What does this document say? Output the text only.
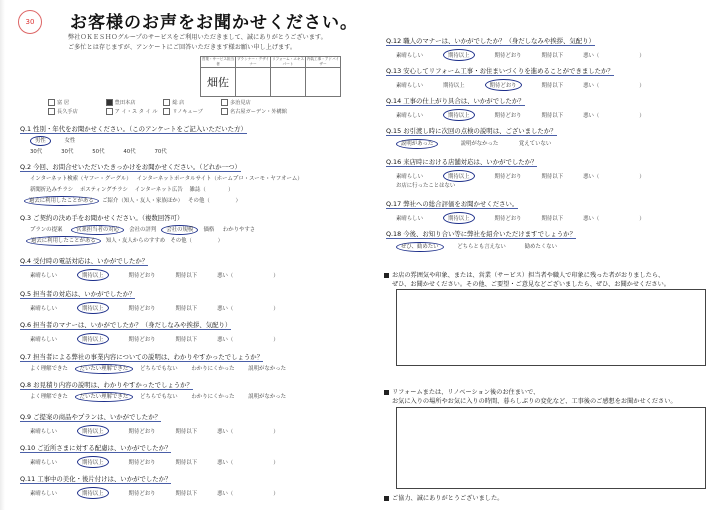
30	お客様のお声をお聞かせください。
弊社ＯＫＥＳＨＯグループのサービスをご利用いただきまして、誠にありがとうございます。
ご多忙とは存じますが、アンケートにご回答いただきます様お願い申し上げます。
営業・サービス担当者	プランナー・デザイナー	リフォーム・エキスパート	内装工事・アドバイザー
畑佐			
富 居	豊田本店	総 店	多治見店
長久手店	ア イ・ス タ イ ル	リノキューブ	名古屋ガーデン・外構館
Q.1 性別・年代をお聞かせください。（このアンケートをご記入いただいた方）
男性	女性
30代	30代	50代	40代	70代
Q.2 今回、お問合せいただいたきっかけをお聞かせください。（どれか一つ）
インターネット検索（ヤフー・グーグル） インターネットポータルサイト（ホームプロ・スーモ・ヤフオーム）
新聞折込みチラシ ポスティングチラシ インターネット広告 雑誌（	）
過去に利用したことがある ご紹介（知人・友人・家族ほか） その他（	）
Q.3 ご契約の決め手をお聞かせください。（複数回答可）
プランの提案	営業担当者の対応 会社の評判 会社の規模 価格 わかりやすさ
過去に利用したことがある 知人・友人からのすすめ その他（	）
Q.4 受付時の電話対応は、いかがでしたか？
素晴らしい	期待以上	期待どおり	期待以下	悪い（	）
Q.5 担当者の対応は、いかがでしたか？
素晴らしい	期待以上	期待どおり	期待以下	悪い（	）
Q.6 担当者のマナーは、いかがでしたか？（身だしなみや挨拶、気配り）
素晴らしい	期待以上	期待どおり	期待以下	悪い（	）
Q.9 ご提案の商品やプランは、いかがでしたか？
素晴らしい	期待以上	期待どおり	期待以下	悪い（	）
Q.10 ご近所さまに対する配慮は、いかがでしたか？
素晴らしい	期待以上	期待どおり	期待以下	悪い（	）
Q.11 工事中の美化・後片付けは、いかがでしたか？
素晴らしい	期待以上	期待どおり	期待以下	悪い（	）
Q.7 担当者による弊社の事業内容についての説明は、わかりやすかったでしょうか？
よく理解できた だいたい理解できた どちらでもない	わかりにくかった	説明がなかった
Q.8 お見積り内容の説明は、わかりやすかったでしょうか？
よく理解できた だいたい理解できた どちらでもない	わかりにくかった	説明がなかった
Q.12 職人のマナーは、いかがでしたか？（身だしなみや挨拶、気配り）
素晴らしい	期待以上	期待どおり	期待以下	悪い（	）
Q.13 安心してリフォーム工事・お住まいづくりを進めることができましたか？
素晴らしい	期待以上	期待どおり	期待以下	悪い（	）
Q.14 工事の仕上がり具合は、いかがでしたか？
素晴らしい	期待以上	期待どおり	期待以下	悪い（	）
Q.16 来店時における店舗対応は、いかがでしたか？
素晴らしい	期待以上	期待どおり	期待以下	悪い（	）
お店に行ったことはない
Q.17 弊社への総合評価をお聞かせください。
素晴らしい	期待以上	期待どおり	期待以下	悪い（	）
Q.15 お引渡し時に次回の点検の説明は、ございましたか？
説明があった	説明がなかった	覚えていない
Q.18 今後、お知り合い等に弊社を紹介いただけますでしょうか？
ぜひ、勧めたい	どちらとも言えない	勧めたくない
お店の雰囲気や印象、または、営業（サービス）担当者や職人で印象に残った者がおりましたら、
ぜひ、お聞かせください。その他、ご要望・ご意見などございましたら、ぜひ、お聞かせください。
リフォームまたは、リノベーション後のお住まいで、
お気に入りの場所やお気に入りの時間、暮らしぶりの変化など、工事後のご感想をお聞かせください。
ご協力、誠にありがとうございました。
